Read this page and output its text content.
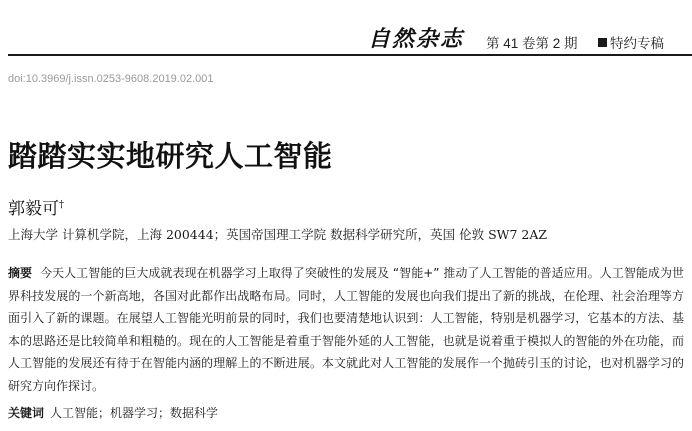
自然杂志 第 41 卷第 2 期 特约专稿
doi:10.3969/j.issn.0253-9608.2019.02.001
踏踏实实地研究人工智能
郭毅可†
上海大学 计算机学院，上海 200444；英国帝国理工学院 数据科学研究所，英国 伦敦 SW7 2AZ
摘要 今天人工智能的巨大成就表现在机器学习上取得了突破性的发展及 “智能+” 推动了人工智能的普适应用。人工智能成为世界科技发展的一个新高地，各国对此都作出战略布局。同时，人工智能的发展也向我们提出了新的挑战，在伦理、社会治理等方面引入了新的课题。在展望人工智能光明前景的同时，我们也要清楚地认识到：人工智能，特别是机器学习，它基本的方法、基本的思路还是比较简单和粗糙的。现在的人工智能是着重于智能外延的人工智能，也就是说着重于模拟人的智能的外在功能，而人工智能的发展还有待于在智能内涵的理解上的不断进展。本文就此对人工智能的发展作一个抛砖引玉的讨论，也对机器学习的研究方向作探讨。
关键词 人工智能；机器学习；数据科学
